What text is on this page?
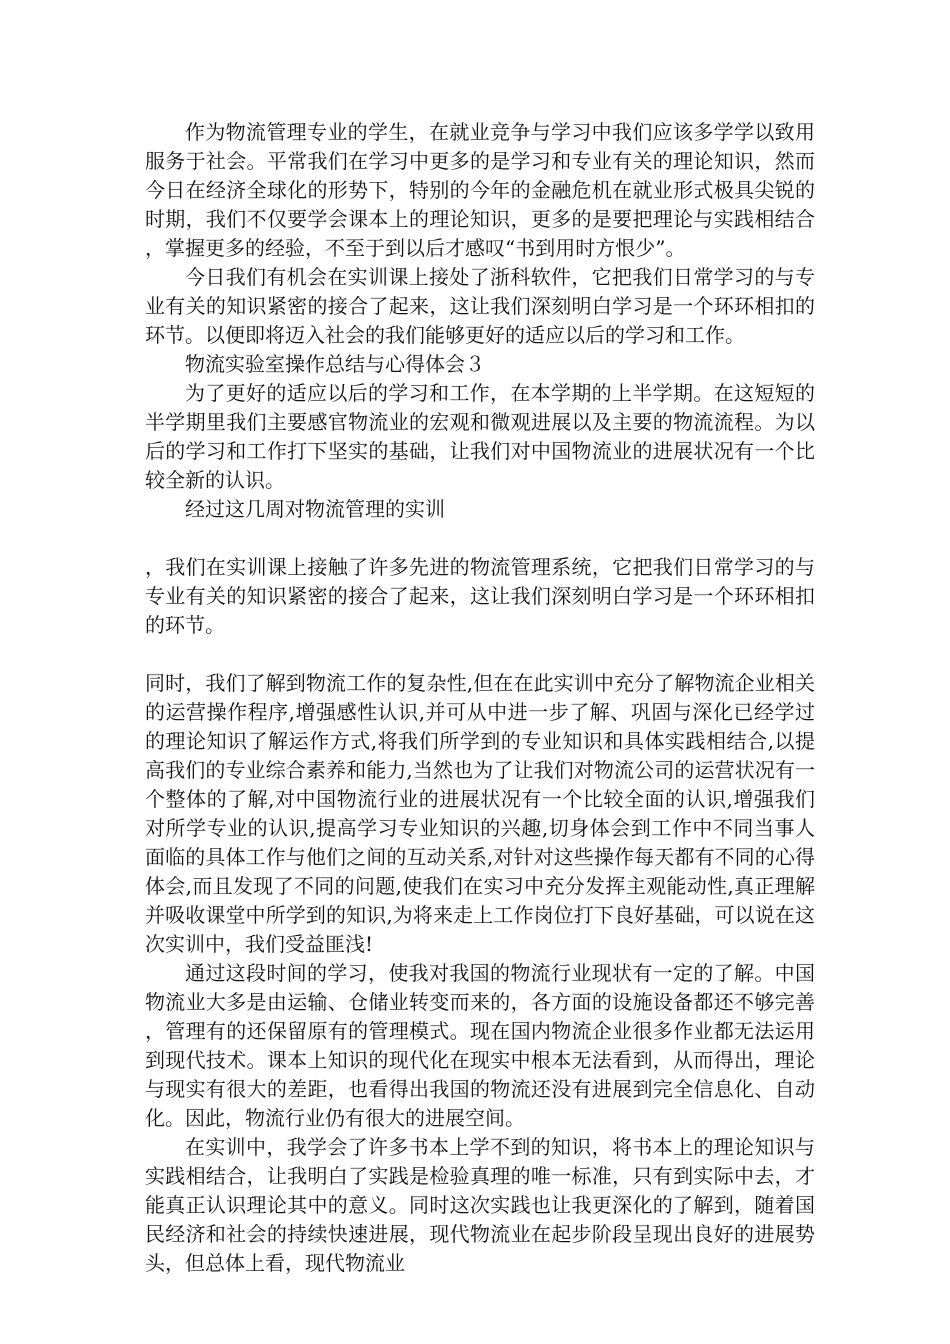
作为物流管理专业的学生，在就业竞争与学习中我们应该多学学以致用服务于社会。平常我们在学习中更多的是学习和专业有关的理论知识，然而今日在经济全球化的形势下，特别的今年的金融危机在就业形式极具尖锐的时期，我们不仅要学会课本上的理论知识，更多的是要把理论与实践相结合，掌握更多的经验，不至于到以后才感叹“书到用时方恨少”。

今日我们有机会在实训课上接处了浙科软件，它把我们日常学习的与专业有关的知识紧密的接合了起来，这让我们深刻明白学习是一个环环相扣的环节。以便即将迈入社会的我们能够更好的适应以后的学习和工作。

物流实验室操作总结与心得体会３

为了更好的适应以后的学习和工作，在本学期的上半学期。在这短短的半学期里我们主要感官物流业的宏观和微观进展以及主要的物流流程。为以后的学习和工作打下坚实的基础，让我们对中国物流业的进展状况有一个比较全新的认识。

经过这几周对物流管理的实训

，我们在实训课上接触了许多先进的物流管理系统，它把我们日常学习的与专业有关的知识紧密的接合了起来，这让我们深刻明白学习是一个环环相扣的环节。

同时，我们了解到物流工作的复杂性,但在在此实训中充分了解物流企业相关的运营操作程序,增强感性认识,并可从中进一步了解、巩固与深化已经学过的理论知识了解运作方式,将我们所学到的专业知识和具体实践相结合,以提高我们的专业综合素养和能力,当然也为了让我们对物流公司的运营状况有一个整体的了解,对中国物流行业的进展状况有一个比较全面的认识,增强我们对所学专业的认识,提高学习专业知识的兴趣,切身体会到工作中不同当事人面临的具体工作与他们之间的互动关系,对针对这些操作每天都有不同的心得体会,而且发现了不同的问题,使我们在实习中充分发挥主观能动性,真正理解并吸收课堂中所学到的知识,为将来走上工作岗位打下良好基础，可以说在这次实训中，我们受益匪浅!

通过这段时间的学习，使我对我国的物流行业现状有一定的了解。中国物流业大多是由运输、仓储业转变而来的，各方面的设施设备都还不够完善，管理有的还保留原有的管理模式。现在国内物流企业很多作业都无法运用到现代技术。课本上知识的现代化在现实中根本无法看到，从而得出，理论与现实有很大的差距，也看得出我国的物流还没有进展到完全信息化、自动化。因此，物流行业仍有很大的进展空间。

在实训中，我学会了许多书本上学不到的知识，将书本上的理论知识与实践相结合，让我明白了实践是检验真理的唯一标准，只有到实际中去，才能真正认识理论其中的意义。同时这次实践也让我更深化的了解到，随着国民经济和社会的持续快速进展，现代物流业在起步阶段呈现出良好的进展势头，但总体上看，现代物流业
